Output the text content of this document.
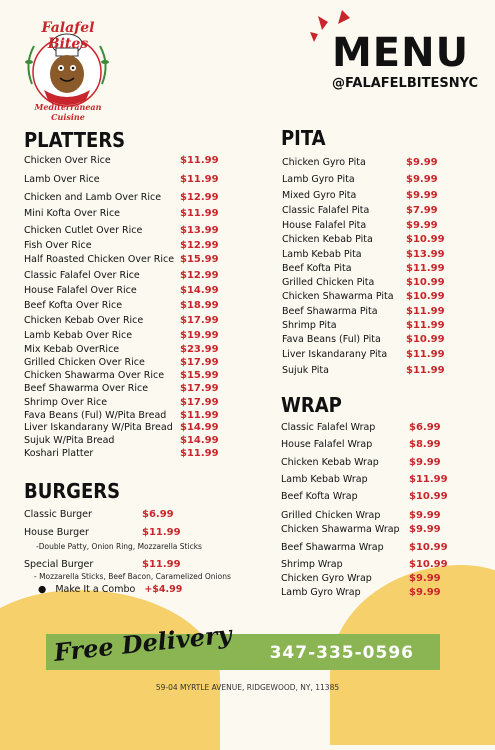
Falafel Bites
Mediterranean Cuisine
MENU
@FALAFELBITESNYC
PLATTERS
Chicken Over Rice	$11.99
Lamb Over Rice	$11.99
Chicken and Lamb Over Rice $12.99
Mini Kofta Over Rice	$11.99
Chicken Cutlet Over Rice	$13.99
Fish Over Rice	$12.99
Half Roasted Chicken Over Rice $15.99
Classic Falafel Over Rice	$12.99
House Falafel Over Rice	$14.99
Beef Kofta Over Rice	$18.99
Chicken Kebab Over Rice	$17.99
Lamb Kebab Over Rice	$19.99
Mix Kebab OverRice	$23.99
Grilled Chicken Over Rice	$17.99
Chicken Shawarma Over Rice $15.99
Beef Shawarma Over Rice	$17.99
Shrimp Over Rice	$17.99
Fava Beans (Ful) W/Pita Bread $11.99
Liver Iskandarany W/Pita Bread $14.99
Sujuk W/Pita Bread	$14.99
Koshari Platter	$11.99
BURGERS
Classic Burger	$6.99
House Burger	$11.99
-Double Patty, Onion Ring, Mozzarella Sticks
Special Burger	$11.99
- Mozzarella Sticks, Beef Bacon, Caramelized Onions
● Make It a Combo +$4.99
PITA
Chicken Gyro Pita	$9.99
Lamb Gyro Pita	$9.99
Mixed Gyro Pita	$9.99
Classic Falafel Pita	$7.99
House Falafel Pita	$9.99
Chicken Kebab Pita	$10.99
Lamb Kebab Pita	$13.99
Beef Kofta Pita	$11.99
Grilled Chicken Pita	$10.99
Chicken Shawarma Pita $10.99
Beef Shawarma Pita	$11.99
Shrimp Pita	$11.99
Fava Beans (Ful) Pita	$10.99
Liver Iskandarany Pita $11.99
Sujuk Pita	$11.99
WRAP
Classic Falafel Wrap	$6.99
House Falafel Wrap	$8.99
Chicken Kebab Wrap	$9.99
Lamb Kebab Wrap	$11.99
Beef Kofta Wrap	$10.99
Grilled Chicken Wrap	$9.99
Chicken Shawarma Wrap $9.99
Beef Shawarma Wrap	$10.99
Shrimp Wrap	$10.99
Chicken Gyro Wrap	$9.99
Lamb Gyro Wrap	$9.99
Free Delivery 347-335-0596
59-04 MYRTLE AVENUE, RIDGEWOOD, NY, 11385
